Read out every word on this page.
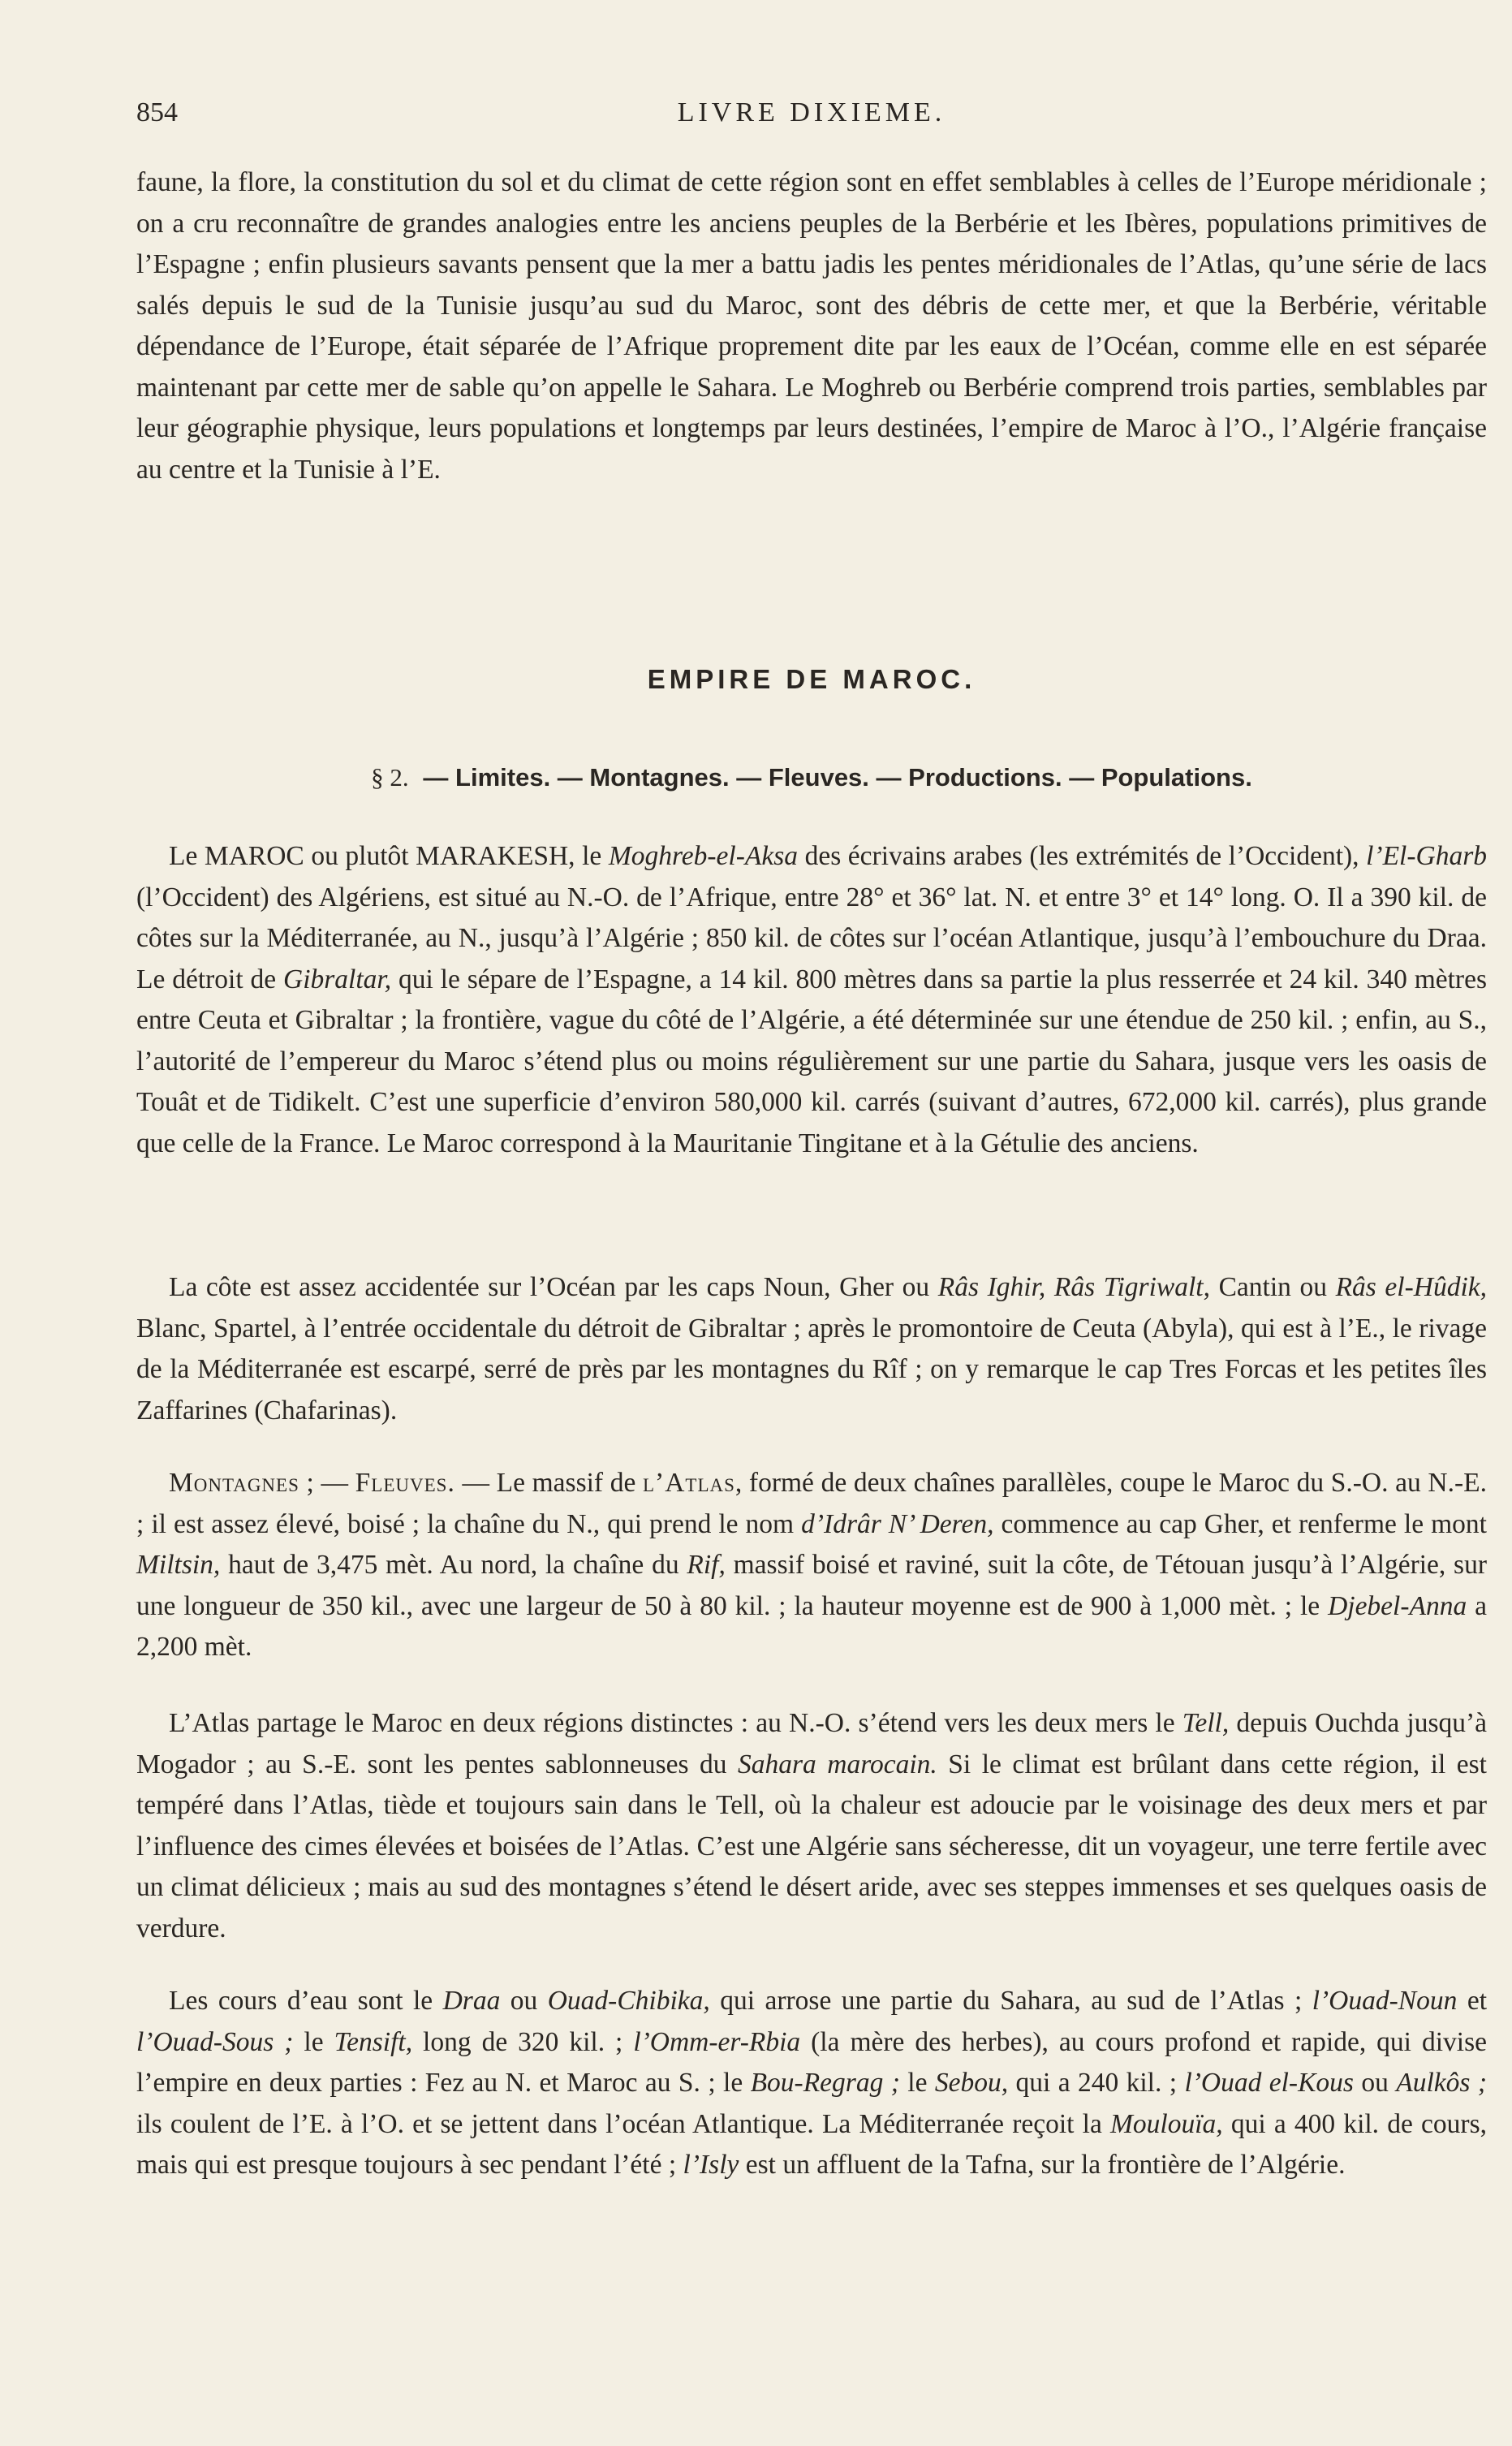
854	LIVRE DIXIEME.

faune, la flore, la constitution du sol et du climat de cette région sont en effet semblables à celles de l’Europe méridionale ; on a cru reconnaître de grandes analogies entre les anciens peuples de la Berbérie et les Ibères, populations primitives de l’Espagne ; enfin plusieurs savants pensent que la mer a battu jadis les pentes méridionales de l’Atlas, qu’une série de lacs salés depuis le sud de la Tunisie jusqu’au sud du Maroc, sont des débris de cette mer, et que la Berbérie, véritable dépendance de l’Europe, était séparée de l’Afrique proprement dite par les eaux de l’Océan, comme elle en est séparée maintenant par cette mer de sable qu’on appelle le Sahara. Le Moghreb ou Berbérie comprend trois parties, semblables par leur géographie physique, leurs populations et longtemps par leurs destinées, l’empire de Maroc à l’O., l’Algérie française au centre et la Tunisie à l’E.

EMPIRE DE MAROC.
§ 2. — Limites. — Montagnes. — Fleuves. — Productions. — Populations.

Le MAROC ou plutôt MARAKESH, le Moghreb-el-Aksa des écrivains arabes (les extrémités de l’Occident), l’El-Gharb (l’Occident) des Algériens, est situé au N.-O. de l’Afrique, entre 28° et 36° lat. N. et entre 3° et 14° long. O. Il a 390 kil. de côtes sur la Méditerranée, au N., jusqu’à l’Algérie ; 850 kil. de côtes sur l’océan Atlantique, jusqu’à l’embouchure du Draa. Le détroit de Gibraltar, qui le sépare de l’Espagne, a 14 kil. 800 mètres dans sa partie la plus resserrée et 24 kil. 340 mètres entre Ceuta et Gibraltar ; la frontière, vague du côté de l’Algérie, a été déterminée sur une étendue de 250 kil. ; enfin, au S., l’autorité de l’empereur du Maroc s’étend plus ou moins régulièrement sur une partie du Sahara, jusque vers les oasis de Touât et de Tidikelt. C’est une superficie d’environ 580,000 kil. carrés (suivant d’autres, 672,000 kil. carrés), plus grande que celle de la France. Le Maroc correspond à la Mauritanie Tingitane et à la Gétulie des anciens.

La côte est assez accidentée sur l’Océan par les caps Noun, Gher ou Râs Ighir, Râs Tigriwalt, Cantin ou Râs el-Hûdik, Blanc, Spartel, à l’entrée occidentale du détroit de Gibraltar ; après le promontoire de Ceuta (Abyla), qui est à l’E., le rivage de la Méditerranée est escarpé, serré de près par les montagnes du Rîf ; on y remarque le cap Tres Forcas et les petites îles Zaffarines (Chafarinas).

Montagnes ; — Fleuves. — Le massif de l’Atlas, formé de deux chaînes parallèles, coupe le Maroc du S.-O. au N.-E. ; il est assez élevé, boisé ; la chaîne du N., qui prend le nom d’Idrâr N’ Deren, commence au cap Gher, et renferme le mont Miltsin, haut de 3,475 mèt. Au nord, la chaîne du Rif, massif boisé et raviné, suit la côte, de Tétouan jusqu’à l’Algérie, sur une longueur de 350 kil., avec une largeur de 50 à 80 kil. ; la hauteur moyenne est de 900 à 1,000 mèt. ; le Djebel-Anna a 2,200 mèt.

L’Atlas partage le Maroc en deux régions distinctes : au N.-O. s’étend vers les deux mers le Tell, depuis Ouchda jusqu’à Mogador ; au S.-E. sont les pentes sablonneuses du Sahara marocain. Si le climat est brûlant dans cette région, il est tempéré dans l’Atlas, tiède et toujours sain dans le Tell, où la chaleur est adoucie par le voisinage des deux mers et par l’influence des cimes élevées et boisées de l’Atlas. C’est une Algérie sans sécheresse, dit un voyageur, une terre fertile avec un climat délicieux ; mais au sud des montagnes s’étend le désert aride, avec ses steppes immenses et ses quelques oasis de verdure.

Les cours d’eau sont le Draa ou Ouad-Chibika, qui arrose une partie du Sahara, au sud de l’Atlas ; l’Ouad-Noun et l’Ouad-Sous ; le Tensift, long de 320 kil. ; l’Omm-er-Rbia (la mère des herbes), au cours profond et rapide, qui divise l’empire en deux parties : Fez au N. et Maroc au S. ; le Bou-Regrag ; le Sebou, qui a 240 kil. ; l’Ouad el-Kous ou Aulkôs ; ils coulent de l’E. à l’O. et se jettent dans l’océan Atlantique. La Méditerranée reçoit la Moulouïa, qui a 400 kil. de cours, mais qui est presque toujours à sec pendant l’été ; l’Isly est un affluent de la Tafna, sur la frontière de l’Algérie.
